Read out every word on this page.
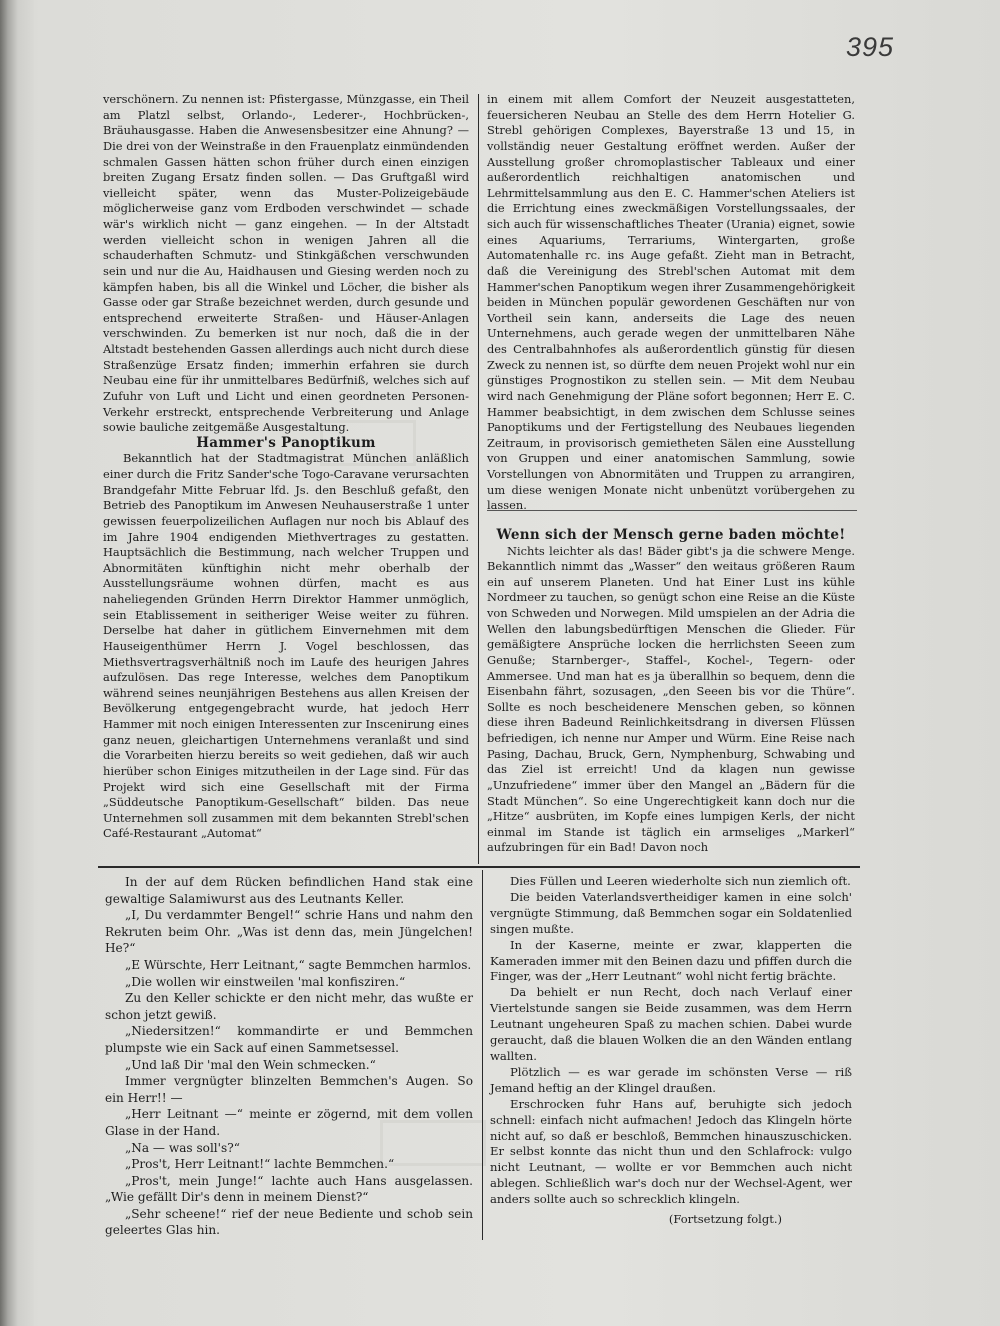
395

verschönern. Zu nennen ist: Pfistergasse, Münzgasse, ein Theil am Platzl selbst, Orlando-, Lederer-, Hochbrücken-, Bräuhausgasse. Haben die Anwesensbesitzer eine Ahnung? — Die drei von der Weinstraße in den Frauenplatz einmündenden schmalen Gassen hätten schon früher durch einen einzigen breiten Zugang Ersatz finden sollen. — Das Gruftgaßl wird vielleicht später, wenn das Muster-Polizeigebäude möglicherweise ganz vom Erdboden verschwindet — schade wär's wirklich nicht — ganz eingehen. — In der Altstadt werden vielleicht schon in wenigen Jahren all die schauderhaften Schmutz- und Stinkgäßchen verschwunden sein und nur die Au, Haidhausen und Giesing werden noch zu kämpfen haben, bis all die Winkel und Löcher, die bisher als Gasse oder gar Straße bezeichnet werden, durch gesunde und entsprechend erweiterte Straßen- und Häuser-Anlagen verschwinden. Zu bemerken ist nur noch, daß die in der Altstadt bestehenden Gassen allerdings auch nicht durch diese Straßenzüge Ersatz finden; immerhin erfahren sie durch Neubau eine für ihr unmittelbares Bedürfniß, welches sich auf Zufuhr von Luft und Licht und einen geordneten Personen-Verkehr erstreckt, entsprechende Verbreiterung und Anlage sowie bauliche zeitgemäße Ausgestaltung.

Hammer's Panoptikum

Bekanntlich hat der Stadtmagistrat München anläßlich einer durch die Fritz Sander'sche Togo-Caravane verursachten Brandgefahr Mitte Februar lfd. Js. den Beschluß gefaßt, den Betrieb des Panoptikum im Anwesen Neuhauserstraße 1 unter gewissen feuerpolizeilichen Auflagen nur noch bis Ablauf des im Jahre 1904 endigenden Miethvertrages zu gestatten. Hauptsächlich die Bestimmung, nach welcher Truppen und Abnormitäten künftighin nicht mehr oberhalb der Ausstellungsräume wohnen dürfen, macht es aus naheliegenden Gründen Herrn Direktor Hammer unmöglich, sein Etablissement in seitheriger Weise weiter zu führen. Derselbe hat daher in gütlichem Einvernehmen mit dem Hauseigenthümer Herrn J. Vogel beschlossen, das Miethsvertragsverhältniß noch im Laufe des heurigen Jahres aufzulösen. Das rege Interesse, welches dem Panoptikum während seines neunjährigen Bestehens aus allen Kreisen der Bevölkerung entgegengebracht wurde, hat jedoch Herr Hammer mit noch einigen Interessenten zur Inscenirung eines ganz neuen, gleichartigen Unternehmens veranlaßt und sind die Vorarbeiten hierzu bereits so weit gediehen, daß wir auch hierüber schon Einiges mitzutheilen in der Lage sind. Für das Projekt wird sich eine Gesellschaft mit der Firma „Süddeutsche Panoptikum-Gesellschaft“ bilden. Das neue Unternehmen soll zusammen mit dem bekannten Strebl'schen Café-Restaurant „Automat“

in einem mit allem Comfort der Neuzeit ausgestatteten, feuersicheren Neubau an Stelle des dem Herrn Hotelier G. Strebl gehörigen Complexes, Bayerstraße 13 und 15, in vollständig neuer Gestaltung eröffnet werden. Außer der Ausstellung großer chromoplastischer Tableaux und einer außerordentlich reichhaltigen anatomischen und Lehrmittelsammlung aus den E. C. Hammer'schen Ateliers ist die Errichtung eines zweckmäßigen Vorstellungssaales, der sich auch für wissenschaftliches Theater (Urania) eignet, sowie eines Aquariums, Terrariums, Wintergarten, große Automatenhalle rc. ins Auge gefaßt. Zieht man in Betracht, daß die Vereinigung des Strebl'schen Automat mit dem Hammer'schen Panoptikum wegen ihrer Zusammengehörigkeit beiden in München populär gewordenen Geschäften nur von Vortheil sein kann, anderseits die Lage des neuen Unternehmens, auch gerade wegen der unmittelbaren Nähe des Centralbahnhofes als außerordentlich günstig für diesen Zweck zu nennen ist, so dürfte dem neuen Projekt wohl nur ein günstiges Prognostikon zu stellen sein. — Mit dem Neubau wird nach Genehmigung der Pläne sofort begonnen; Herr E. C. Hammer beabsichtigt, in dem zwischen dem Schlusse seines Panoptikums und der Fertigstellung des Neubaues liegenden Zeitraum, in provisorisch gemietheten Sälen eine Ausstellung von Gruppen und einer anatomischen Sammlung, sowie Vorstellungen von Abnormitäten und Truppen zu arrangiren, um diese wenigen Monate nicht unbenützt vorübergehen zu lassen.

Wenn sich der Mensch gerne baden möchte!

Nichts leichter als das! Bäder gibt's ja die schwere Menge. Bekanntlich nimmt das „Wasser“ den weitaus größeren Raum ein auf unserem Planeten. Und hat Einer Lust ins kühle Nordmeer zu tauchen, so genügt schon eine Reise an die Küste von Schweden und Norwegen. Mild umspielen an der Adria die Wellen den labungsbedürftigen Menschen die Glieder. Für gemäßigtere Ansprüche locken die herrlichsten Seeen zum Genuße; Starnberger-, Staffel-, Kochel-, Tegern- oder Ammersee. Und man hat es ja überallhin so bequem, denn die Eisenbahn fährt, sozusagen, „den Seeen bis vor die Thüre“. Sollte es noch bescheidenere Menschen geben, so können diese ihren Badeund Reinlichkeitsdrang in diversen Flüssen befriedigen, ich nenne nur Amper und Würm. Eine Reise nach Pasing, Dachau, Bruck, Gern, Nymphenburg, Schwabing und das Ziel ist erreicht! Und da klagen nun gewisse „Unzufriedene“ immer über den Mangel an „Bädern für die Stadt München“. So eine Ungerechtigkeit kann doch nur die „Hitze“ ausbrüten, im Kopfe eines lumpigen Kerls, der nicht einmal im Stande ist täglich ein armseliges „Markerl“ aufzubringen für ein Bad! Davon noch

In der auf dem Rücken befindlichen Hand stak eine gewaltige Salamiwurst aus des Leutnants Keller.

„I, Du verdammter Bengel!“ schrie Hans und nahm den Rekruten beim Ohr. „Was ist denn das, mein Jüngelchen! He?“

„E Würschte, Herr Leitnant,“ sagte Bemmchen harmlos.

„Die wollen wir einstweilen 'mal konfisziren.“

Zu den Keller schickte er den nicht mehr, das wußte er schon jetzt gewiß.

„Niedersitzen!“ kommandirte er und Bemmchen plumpste wie ein Sack auf einen Sammetsessel.

„Und laß Dir 'mal den Wein schmecken.“

Immer vergnügter blinzelten Bemmchen's Augen. So ein Herr!! —

„Herr Leitnant —“ meinte er zögernd, mit dem vollen Glase in der Hand.

„Na — was soll's?“

„Pros't, Herr Leitnant!“ lachte Bemmchen.“

„Pros't, mein Junge!“ lachte auch Hans ausgelassen. „Wie gefällt Dir's denn in meinem Dienst?“

„Sehr scheene!“ rief der neue Bediente und schob sein geleertes Glas hin.

Dies Füllen und Leeren wiederholte sich nun ziemlich oft.

Die beiden Vaterlandsvertheidiger kamen in eine solch' vergnügte Stimmung, daß Bemmchen sogar ein Soldatenlied singen mußte.

In der Kaserne, meinte er zwar, klapperten die Kameraden immer mit den Beinen dazu und pfiffen durch die Finger, was der „Herr Leutnant“ wohl nicht fertig brächte.

Da behielt er nun Recht, doch nach Verlauf einer Viertelstunde sangen sie Beide zusammen, was dem Herrn Leutnant ungeheuren Spaß zu machen schien. Dabei wurde geraucht, daß die blauen Wolken die an den Wänden entlang wallten.

Plötzlich — es war gerade im schönsten Verse — riß Jemand heftig an der Klingel draußen.

Erschrocken fuhr Hans auf, beruhigte sich jedoch schnell: einfach nicht aufmachen! Jedoch das Klingeln hörte nicht auf, so daß er beschloß, Bemmchen hinauszuschicken. Er selbst konnte das nicht thun und den Schlafrock: vulgo nicht Leutnant, — wollte er vor Bemmchen auch nicht ablegen. Schließlich war's doch nur der Wechsel-Agent, wer anders sollte auch so schrecklich klingeln.

(Fortsetzung folgt.)
